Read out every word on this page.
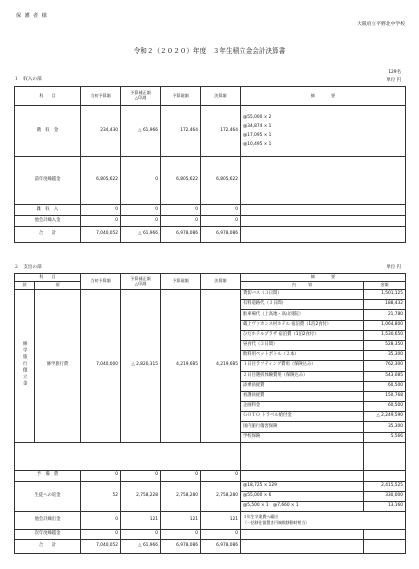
保 護 者 様
大阪府立平野北中学校
令和２（２０２０）年度　３年生積立金会計決算書
129名
１　収入の部	単位 円
科　　目	当初予算額	予算補正額
△印減	予算現額	決算額	摘　　　　要
徴　収　金	234,430	△ 61,966	172,464	172,464	@55,000 × 2
@34,874 × 1
@17,095 × 1
@10,495 × 1

前年度繰越金	6,805,622	0	6,805,622	6,805,622	
雑　収　入	0	0	0	0	
他会計繰入金	0	0	0	0	
合　　計	7,040,052	△ 61,966	6,978,086	6,978,086	
２　支出の部	単位 円
科　　目		当初予算額	予算補正額
△印減	予算現額	決算額	摘　　　　要	
款	項					内　　　容	金額
修学旅行積立金	修学旅行費	7,040,000	△ 2,820,315	4,219,685	4,219,685	貸切バス（３日間）	1,501,125
						有料道路代（３日間）	188,432
						駐車場代（上高地・高山別院）	21,780
						蔵上ヴァカンス村ホテル 宿泊費（1泊2食付）	1,064,800
						ひだホテルプラザ 宿泊費（1泊2食付）	1,530,650
						昼食代（３日間）	528,350
						飲料用ペットボトル（２本）	35,300
						１日目ラフティング費用（保険込み）	762,300
						２日目選択体験費用（保険込み）	543,085
						添乗員経費	60,500
						看護員経費	150,768
						企画料金	60,500
						ＧＯＴＯ トラベル給付金	△ 2,249,590
						国内旅行傷害保険	35,300
						学校保険	5,566

予　備　費		0	0	0	0		
生徒への返金		52	2,758,228	2,758,280	2,758,280	@18,725 × 129	2,415,525
						@55,000 × 6	330,000
						@5,500 × 1　@7,660 × 1	13,160
他会計繰出金		0	121	121	121	３年生卒業費へ繰出
（一括移住据置き円端数移動時相当）	

次年度繰越金		0	0	0	0		
合　　計		7,040,052	△ 61,966	6,978,086	6,978,086		
